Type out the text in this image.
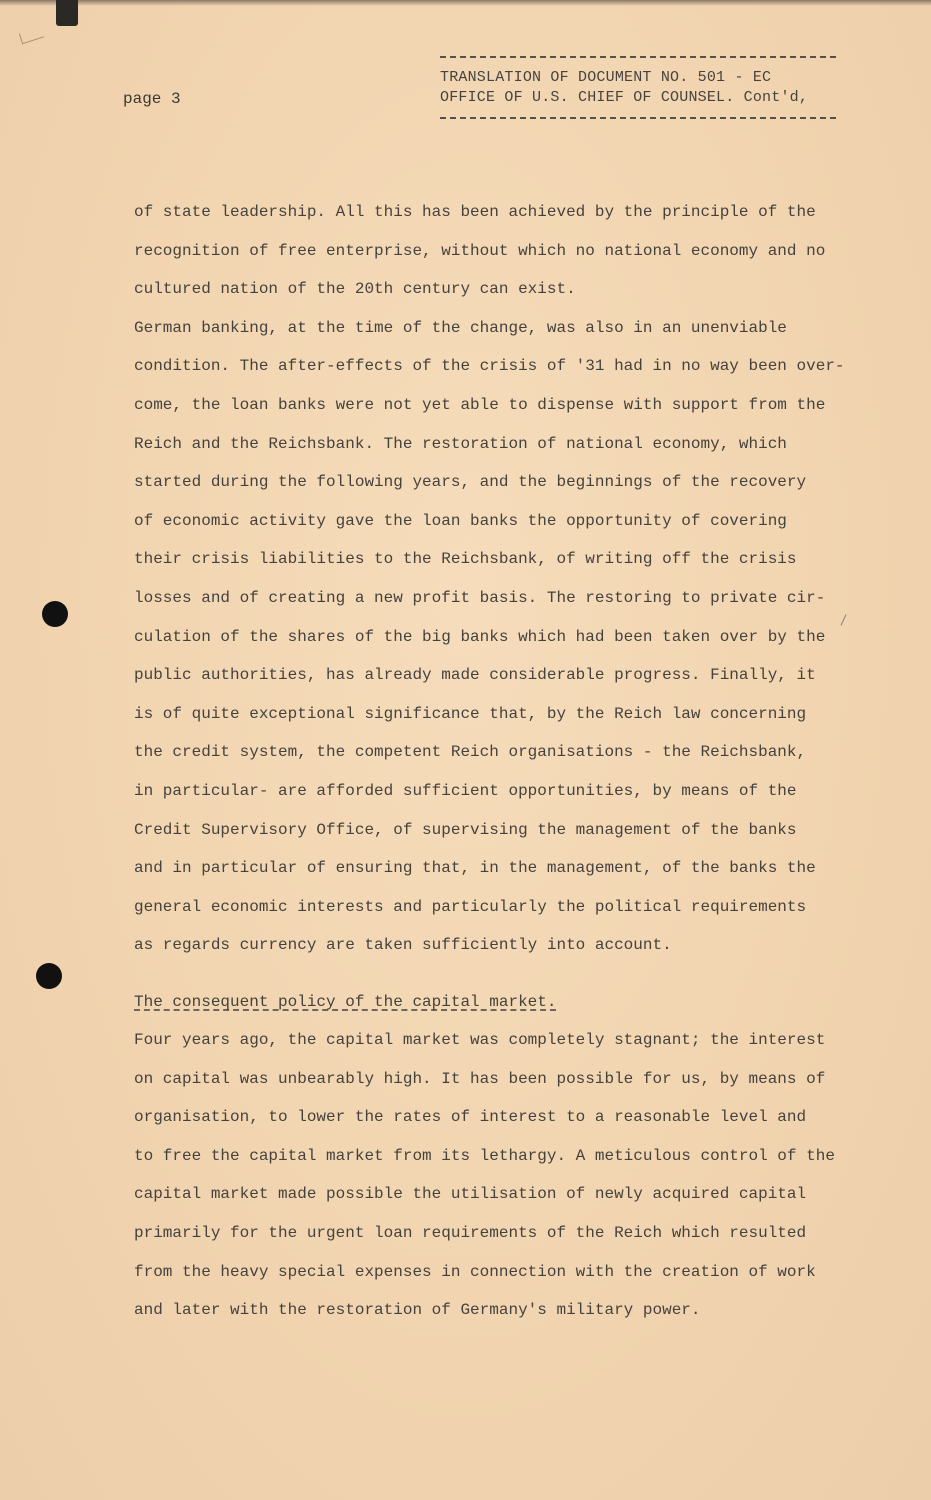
page 3
TRANSLATION OF DOCUMENT NO. 501 - EC
OFFICE OF U.S. CHIEF OF COUNSEL. Cont'd,
of state leadership. All this has been achieved by the principle of the
recognition of free enterprise, without which no national economy and no
cultured nation of the 20th century can exist.
German banking, at the time of the change, was also in an unenviable
condition. The after-effects of the crisis of '31 had in no way been over-
come, the loan banks were not yet able to dispense with support from the
Reich and the Reichsbank. The restoration of national economy, which
started during the following years, and the beginnings of the recovery
of economic activity gave the loan banks the opportunity of covering
their crisis liabilities to the Reichsbank, of writing off the crisis
losses and of creating a new profit basis. The restoring to private cir-
culation of the shares of the big banks which had been taken over by the
public authorities, has already made considerable progress. Finally, it
is of quite exceptional significance that, by the Reich law concerning
the credit system, the competent Reich organisations - the Reichsbank,
in particular- are afforded sufficient opportunities, by means of the
Credit Supervisory Office, of supervising the management of the banks
and in particular of ensuring that, in the management, of the banks the
general economic interests and particularly the political requirements
as regards currency are taken sufficiently into account.
The consequent policy of the capital market.
Four years ago, the capital market was completely stagnant; the interest
on capital was unbearably high. It has been possible for us, by means of
organisation, to lower the rates of interest to a reasonable level and
to free the capital market from its lethargy. A meticulous control of the
capital market made possible the utilisation of newly acquired capital
primarily for the urgent loan requirements of the Reich which resulted
from the heavy special expenses in connection with the creation of work
and later with the restoration of Germany's military power.
